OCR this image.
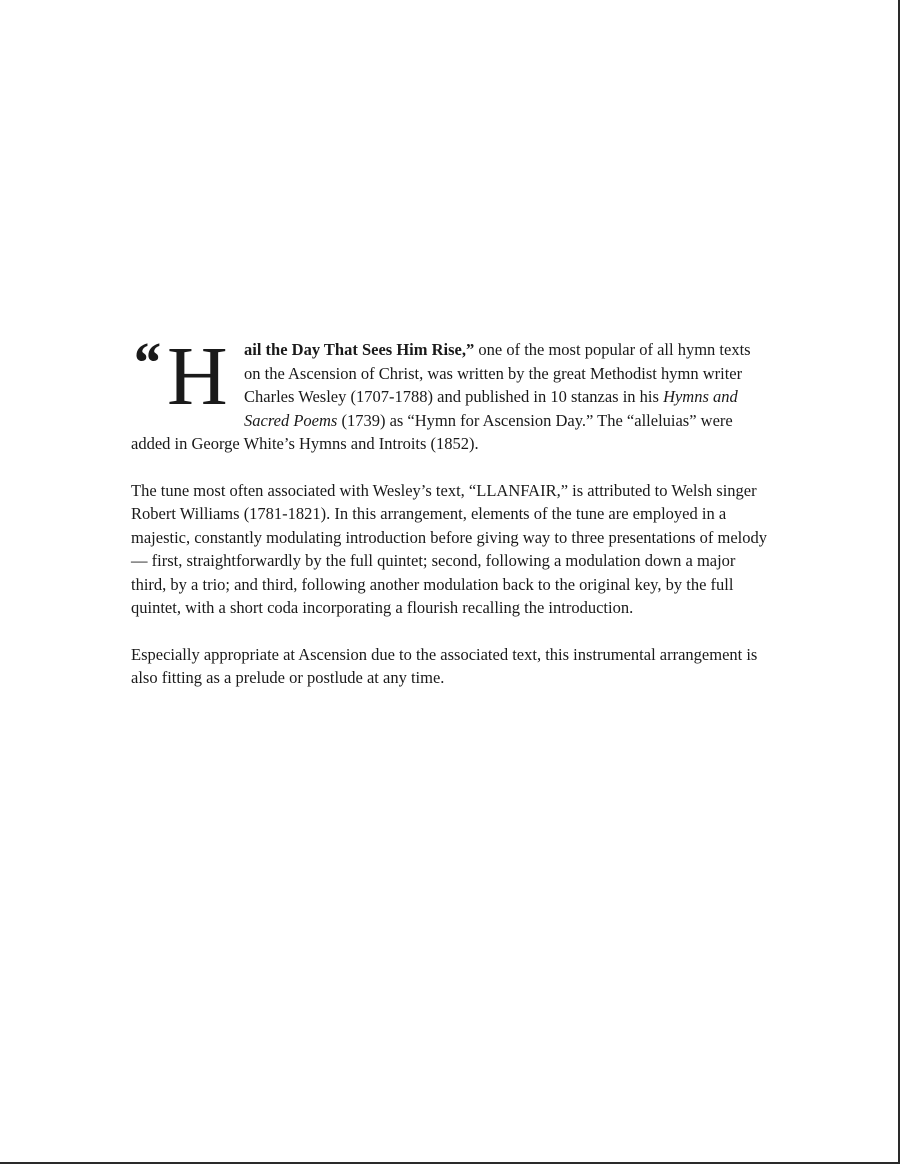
“ H ail the Day That Sees Him Rise,” one of the most popular of all hymn texts on the Ascension of Christ, was written by the great Methodist hymn writer Charles Wesley (1707-1788) and published in 10 stanzas in his Hymns and Sacred Poems (1739) as “Hymn for Ascension Day.” The “alleluias” were added in George White’s Hymns and Introits (1852).

The tune most often associated with Wesley’s text, “LLANFAIR,” is attributed to Welsh singer Robert Williams (1781-1821). In this arrangement, elements of the tune are employed in a majestic, constantly modulating introduction before giving way to three presentations of melody — first, straightforwardly by the full quintet; second, following a modulation down a major third, by a trio; and third, following another modulation back to the original key, by the full quintet, with a short coda incorporating a flourish recalling the introduction.

Especially appropriate at Ascension due to the associated text, this instrumental arrangement is also fitting as a prelude or postlude at any time.
